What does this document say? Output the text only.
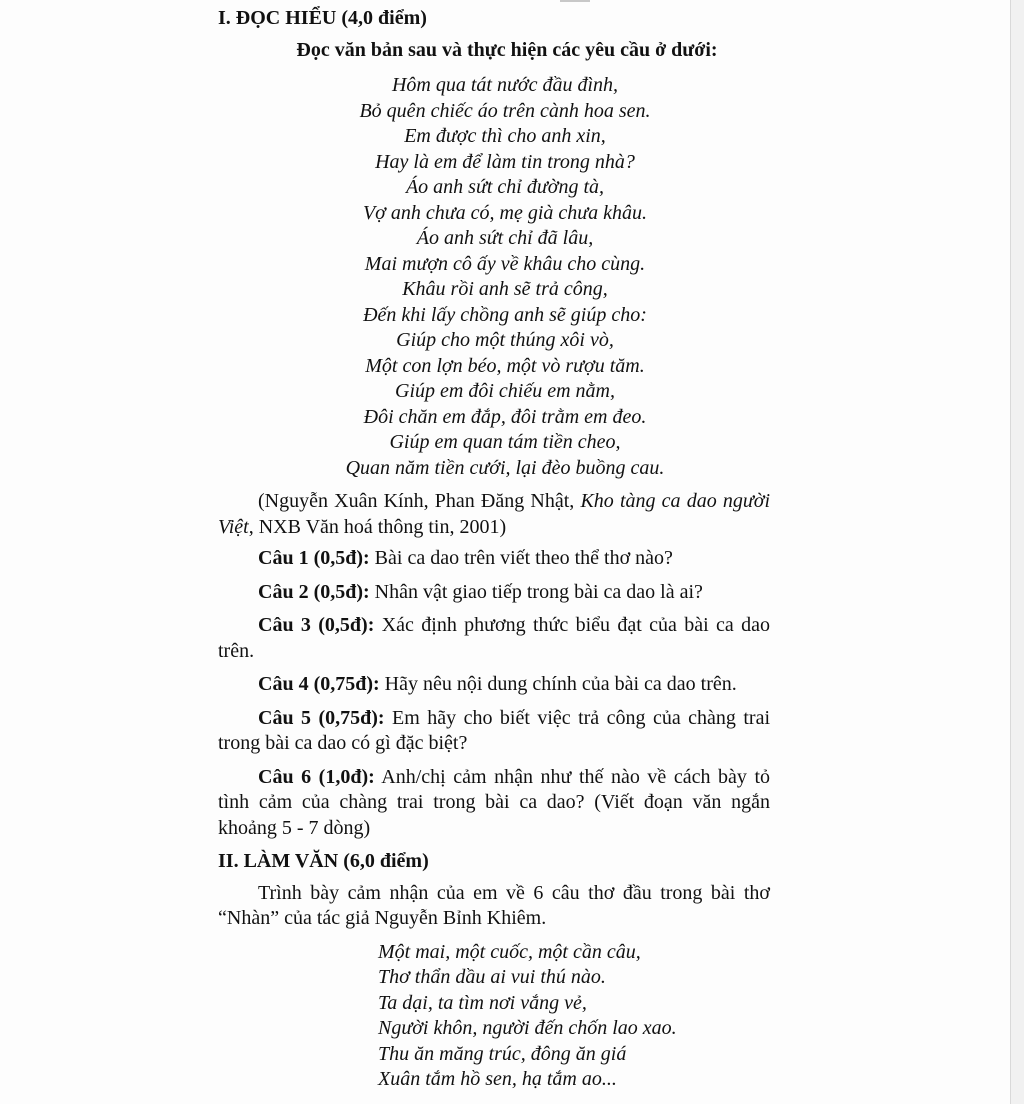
I. ĐỌC HIỂU (4,0 điểm)
Đọc văn bản sau và thực hiện các yêu cầu ở dưới:
Hôm qua tát nước đầu đình,
Bỏ quên chiếc áo trên cành hoa sen.
Em được thì cho anh xin,
Hay là em để làm tin trong nhà?
Áo anh sứt chỉ đường tà,
Vợ anh chưa có, mẹ già chưa khâu.
Áo anh sứt chỉ đã lâu,
Mai mượn cô ấy về khâu cho cùng.
Khâu rồi anh sẽ trả công,
Đến khi lấy chồng anh sẽ giúp cho:
Giúp cho một thúng xôi vò,
Một con lợn béo, một vò rượu tăm.
Giúp em đôi chiếu em nằm,
Đôi chăn em đắp, đôi trằm em đeo.
Giúp em quan tám tiền cheo,
Quan năm tiền cưới, lại đèo buồng cau.
(Nguyễn Xuân Kính, Phan Đăng Nhật, Kho tàng ca dao người Việt, NXB Văn hoá thông tin, 2001)
Câu 1 (0,5đ): Bài ca dao trên viết theo thể thơ nào?
Câu 2 (0,5đ): Nhân vật giao tiếp trong bài ca dao là ai?
Câu 3 (0,5đ): Xác định phương thức biểu đạt của bài ca dao trên.
Câu 4 (0,75đ): Hãy nêu nội dung chính của bài ca dao trên.
Câu 5 (0,75đ): Em hãy cho biết việc trả công của chàng trai trong bài ca dao có gì đặc biệt?
Câu 6 (1,0đ): Anh/chị cảm nhận như thế nào về cách bày tỏ tình cảm của chàng trai trong bài ca dao? (Viết đoạn văn ngắn khoảng 5 - 7 dòng)
II. LÀM VĂN (6,0 điểm)
Trình bày cảm nhận của em về 6 câu thơ đầu trong bài thơ “Nhàn” của tác giả Nguyễn Bỉnh Khiêm.
Một mai, một cuốc, một cần câu,
Thơ thẩn dầu ai vui thú nào.
Ta dại, ta tìm nơi vắng vẻ,
Người khôn, người đến chốn lao xao.
Thu ăn măng trúc, đông ăn giá
Xuân tắm hồ sen, hạ tắm ao...
